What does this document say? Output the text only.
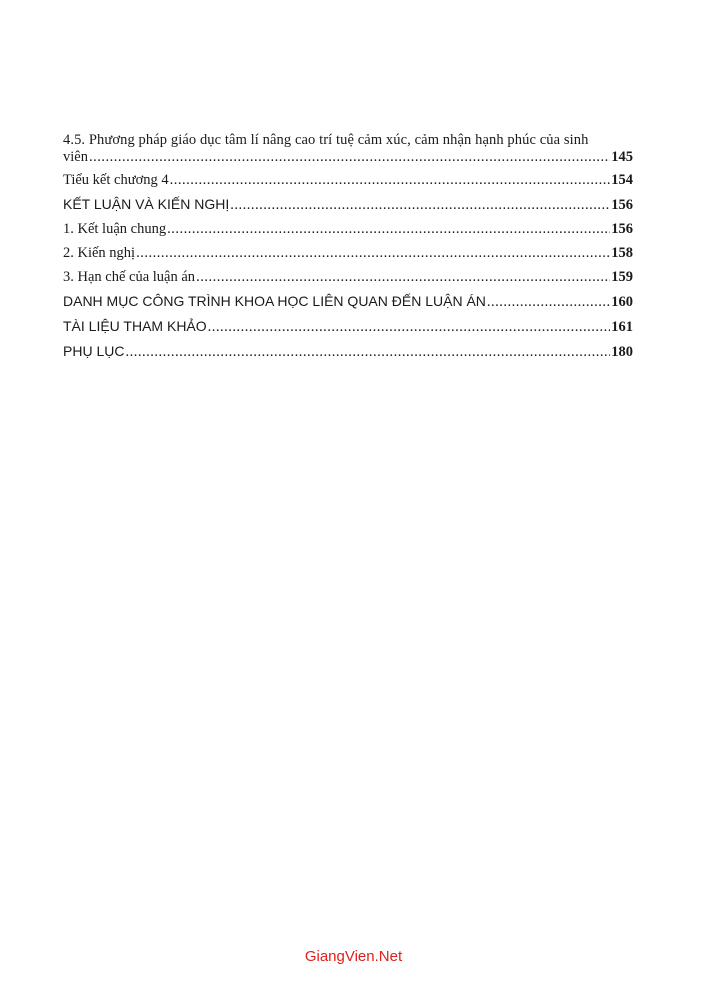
4.5. Phương pháp giáo dục tâm lí nâng cao trí tuệ cảm xúc, cảm nhận hạnh phúc của sinh
viên .....	145
Tiểu kết chương 4 .....	154
KẾT LUẬN VÀ KIẾN NGHỊ .....	156
1. Kết luận chung .....	156
2. Kiến nghị .....	158
3. Hạn chế của luận án .....	159
DANH MỤC CÔNG TRÌNH KHOA HỌC LIÊN QUAN ĐẾN LUẬN ÁN .....	160
TÀI LIỆU THAM KHẢO .....	161
PHỤ LỤC .....	180
GiangVien.Net
